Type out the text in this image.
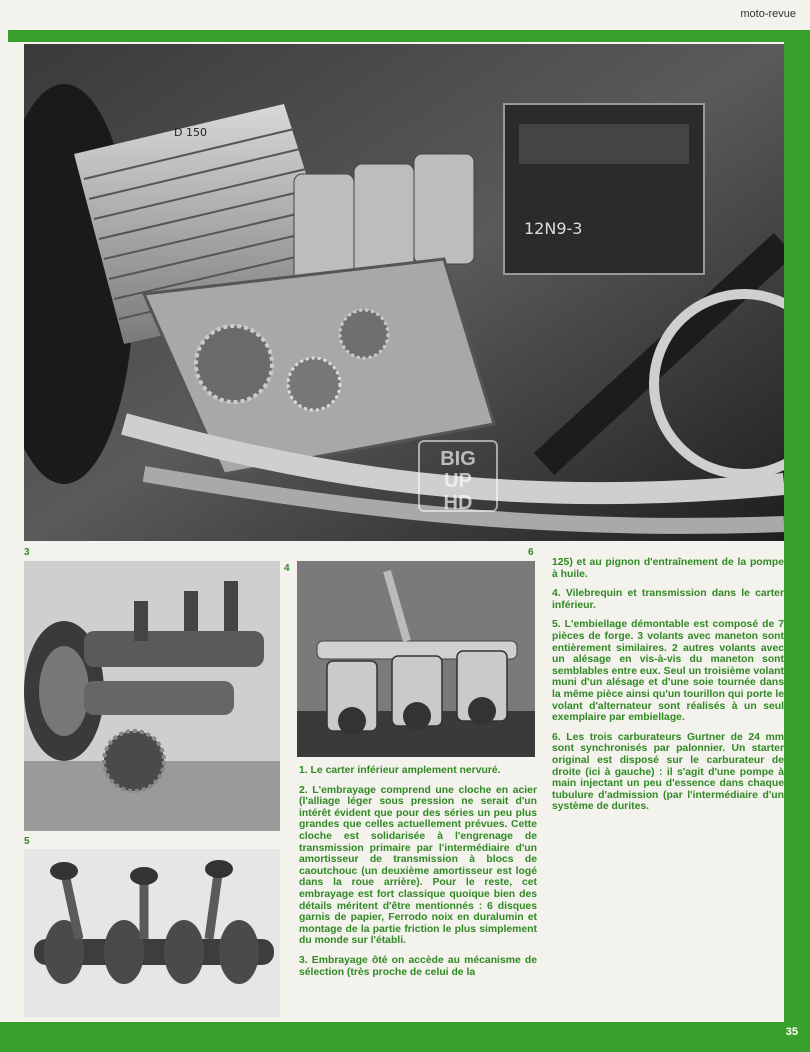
moto-revue
35
D 150
12N9-3
BIG
UP
HD
3
4
5
6

1. Le carter inférieur amplement nervuré.

2. L'embrayage comprend une cloche en acier (l'alliage léger sous pression ne serait d'un intérêt évident que pour des séries un peu plus grandes que celles actuellement prévues. Cette cloche est solidarisée à l'engrenage de transmission primaire par l'intermédiaire d'un amortisseur de transmission à blocs de caoutchouc (un deuxième amortisseur est logé dans la roue arrière). Pour le reste, cet embrayage est fort classique quoique bien des détails méritent d'être mentionnés : 6 disques garnis de papier, Ferrodo noix en duralumin et montage de la partie friction le plus simplement du monde sur l'établi.

3. Embrayage ôté on accède au mécanisme de sélection (très proche de celui de la

125) et au pignon d'entraînement de la pompe à huile.

4. Vilebrequin et transmission dans le carter inférieur.

5. L'embiellage démontable est composé de 7 pièces de forge. 3 volants avec maneton sont entièrement similaires. 2 autres volants avec un alésage en vis-à-vis du maneton sont semblables entre eux. Seul un troisième volant muni d'un alésage et d'une soie tournée dans la même pièce ainsi qu'un tourillon qui porte le volant d'alternateur sont réalisés à un seul exemplaire par embiellage.

6. Les trois carburateurs Gurtner de 24 mm sont synchronisés par palonnier. Un starter original est disposé sur le carburateur de droite (ici à gauche) : il s'agit d'une pompe à main injectant un peu d'essence dans chaque tubulure d'admission (par l'intermédiaire d'un système de durites.
